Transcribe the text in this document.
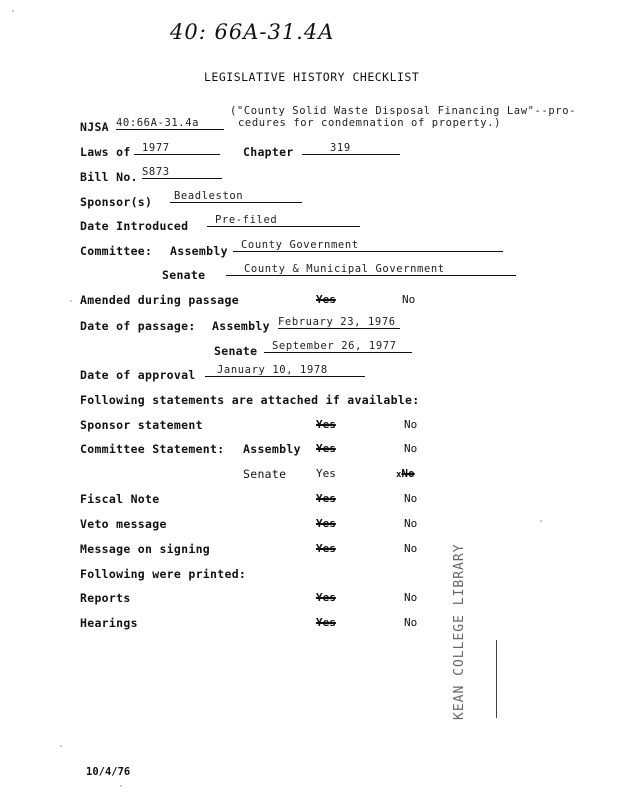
40: 66A-31.4A
LEGISLATIVE HISTORY CHECKLIST
NJSA 40:66A-31.4a
("County Solid Waste Disposal Financing Law"--pro-
cedures for condemnation of property.)
Laws of	1977	Chapter	319
Bill No. S873
Sponsor(s)	Beadleston
Date Introduced	Pre-filed
Committee: Assembly	County Government
Senate	County & Municipal Government
Amended during passage	Yes	No
Date of passage: Assembly February 23, 1976
Senate	September 26, 1977
Date of approval	January 10, 1978
Following statements are attached if available:
Sponsor statement	Yes	No
Committee Statement: Assembly Yes	No
Senate	Yes	xNo
Fiscal Note	Yes	No
Veto message	Yes	No
Message on signing	Yes	No
Following were printed:
Reports	Yes	No
Hearings	Yes	No	KEAN COLLEGE LIBRARY
10/4/76
